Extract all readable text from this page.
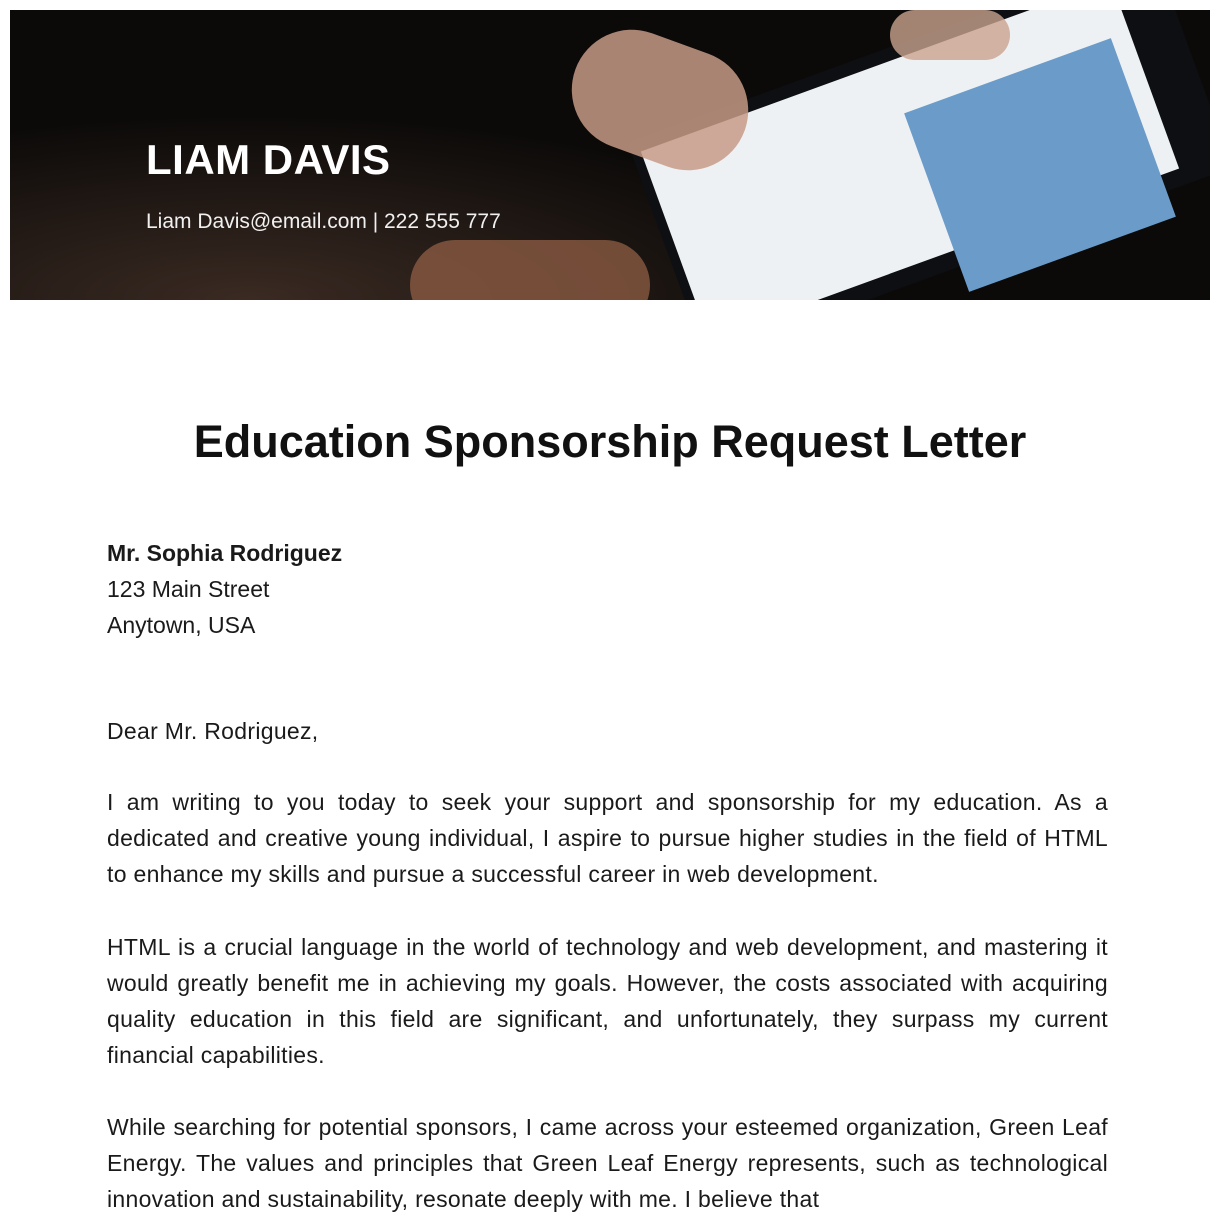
LIAM DAVIS
Liam Davis@email.com | 222 555 777
Education Sponsorship Request Letter
Mr. Sophia Rodriguez
123 Main Street
Anytown, USA
Dear Mr. Rodriguez,
I am writing to you today to seek your support and sponsorship for my education. As a dedicated and creative young individual, I aspire to pursue higher studies in the field of HTML to enhance my skills and pursue a successful career in web development.
HTML is a crucial language in the world of technology and web development, and mastering it would greatly benefit me in achieving my goals. However, the costs associated with acquiring quality education in this field are significant, and unfortunately, they surpass my current financial capabilities.
While searching for potential sponsors, I came across your esteemed organization, Green Leaf Energy. The values and principles that Green Leaf Energy represents, such as technological innovation and sustainability, resonate deeply with me. I believe that
